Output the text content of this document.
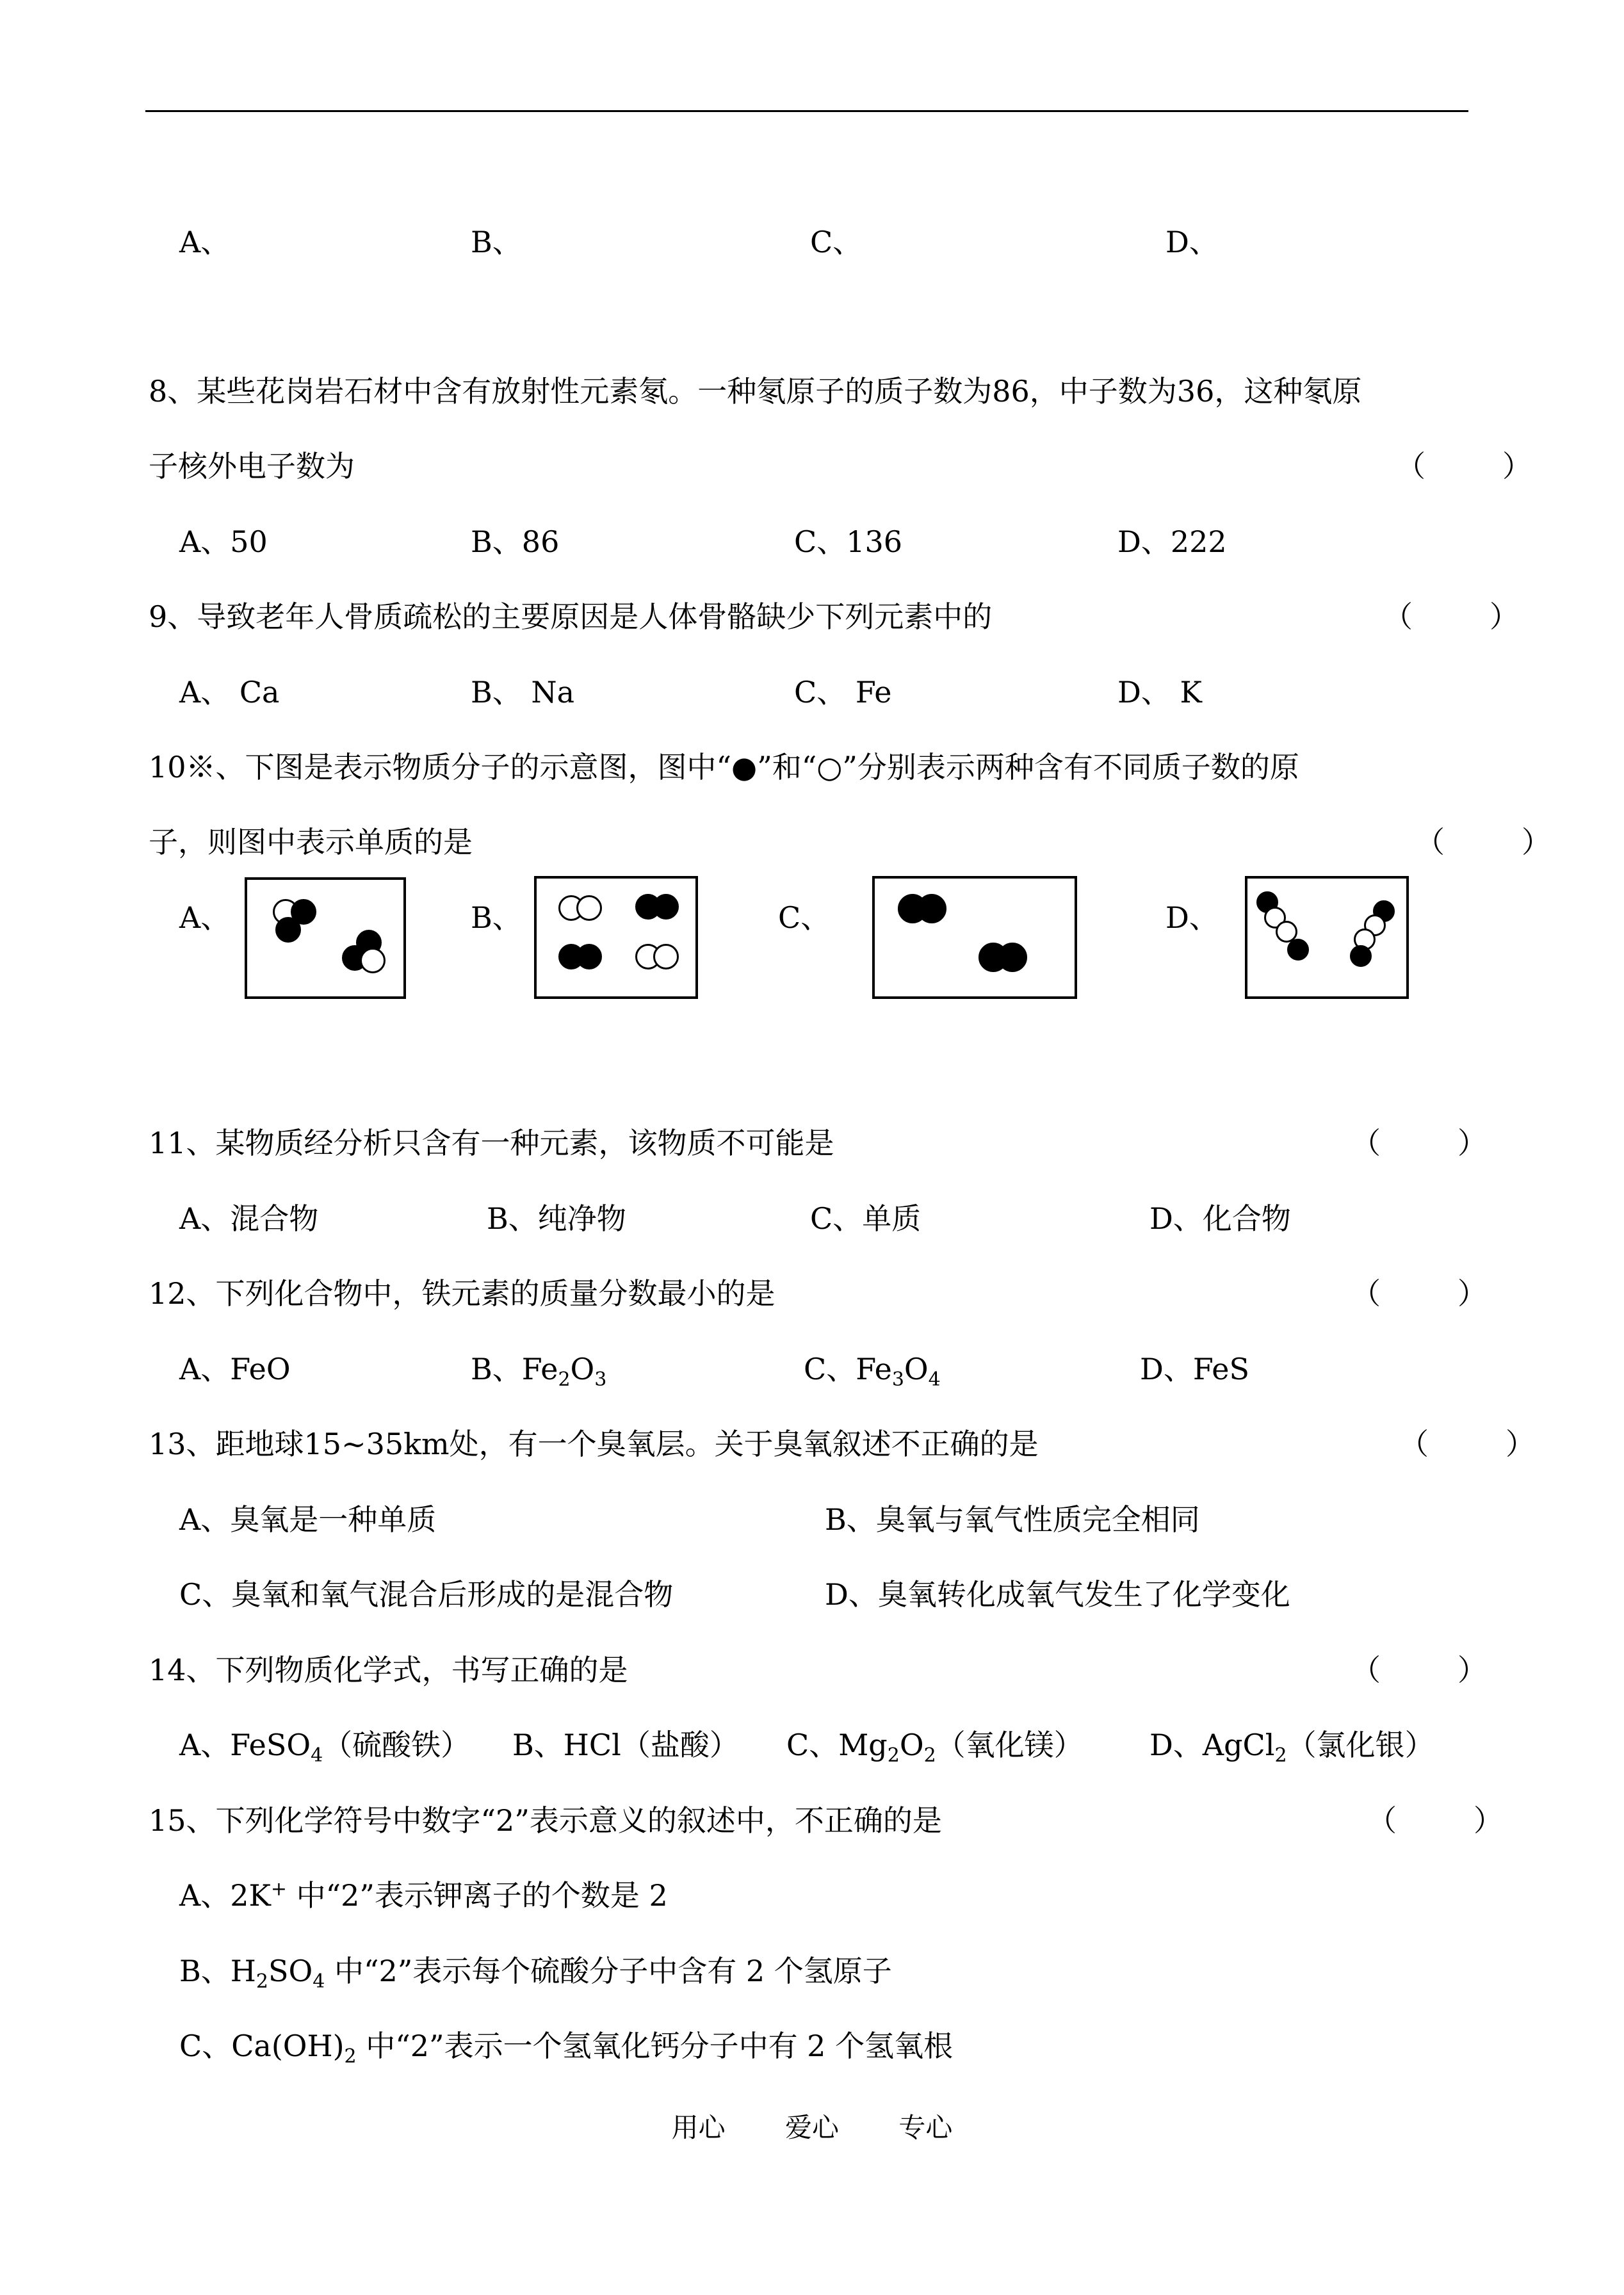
A、	B、	C、	D、
8、某些花岗岩石材中含有放射性元素氡。一种氡原子的质子数为86，中子数为36，这种氡原
子核外电子数为	（	）
A、50	B、86	C、136	D、222
9、导致老年人骨质疏松的主要原因是人体骨骼缺少下列元素中的	（	）
A、 Ca	B、 Na	C、 Fe	D、 K
10※、下图是表示物质分子的示意图，图中“●”和“○”分别表示两种含有不同质子数的原
子，则图中表示单质的是	（	）
A、	B、	C、	D、
11、某物质经分析只含有一种元素，该物质不可能是	（	）
A、混合物	B、纯净物	C、单质	D、化合物
12、下列化合物中，铁元素的质量分数最小的是	（	）
A、FeO	B、$Fe_2O_3$	C、$Fe_3O_4$	D、FeS
13、距地球15~35km处，有一个臭氧层。关于臭氧叙述不正确的是	（	）
A、臭氧是一种单质	B、臭氧与氧气性质完全相同
C、臭氧和氧气混合后形成的是混合物	D、臭氧转化成氧气发生了化学变化
14、下列物质化学式，书写正确的是	（	）
A、FeSO$_4$（硫酸铁） B、HCl（盐酸） C、$Mg_2O_2$（氧化镁） D、AgCl$_2$（氯化银）
15、下列化学符号中数字“2”表示意义的叙述中，不正确的是	（	）
A、2K+ 中“2”表示钾离子的个数是 2
B、$H_2SO_4$ 中“2”表示每个硫酸分子中含有 2 个氢原子
C、$Ca(OH)_2$ 中“2”表示一个氢氧化钙分子中有 2 个氢氧根
用心 爱心 专心
